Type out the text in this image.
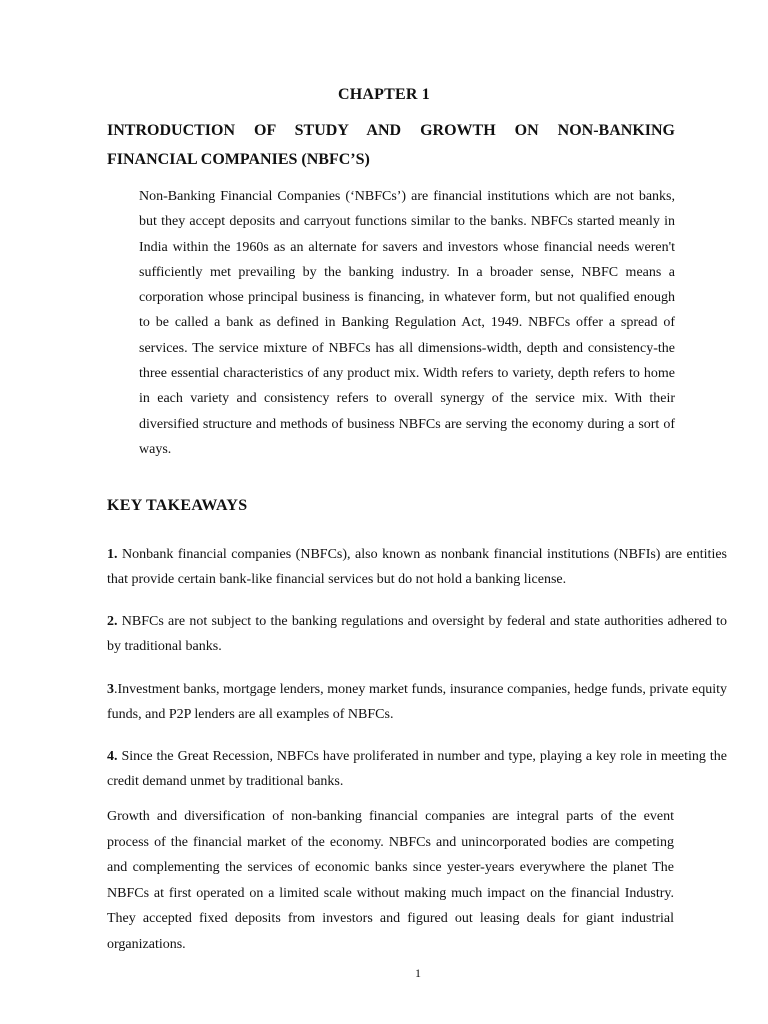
CHAPTER 1
INTRODUCTION OF STUDY AND GROWTH ON NON-BANKING FINANCIAL COMPANIES (NBFC’S)

Non-Banking Financial Companies (‘NBFCs’) are financial institutions which are not banks, but they accept deposits and carryout functions similar to the banks. NBFCs started meanly in India within the 1960s as an alternate for savers and investors whose financial needs weren't sufficiently met prevailing by the banking industry. In a broader sense, NBFC means a corporation whose principal business is financing, in whatever form, but not qualified enough to be called a bank as defined in Banking Regulation Act, 1949. NBFCs offer a spread of services. The service mixture of NBFCs has all dimensions-width, depth and consistency-the three essential characteristics of any product mix. Width refers to variety, depth refers to home in each variety and consistency refers to overall synergy of the service mix. With their diversified structure and methods of business NBFCs are serving the economy during a sort of ways.

KEY TAKEAWAYS

1. Nonbank financial companies (NBFCs), also known as nonbank financial institutions (NBFIs) are entities that provide certain bank-like financial services but do not hold a banking license.

2. NBFCs are not subject to the banking regulations and oversight by federal and state authorities adhered to by traditional banks.

3.Investment banks, mortgage lenders, money market funds, insurance companies, hedge funds, private equity funds, and P2P lenders are all examples of NBFCs.

4. Since the Great Recession, NBFCs have proliferated in number and type, playing a key role in meeting the credit demand unmet by traditional banks.

Growth and diversification of non-banking financial companies are integral parts of the event process of the financial market of the economy. NBFCs and unincorporated bodies are competing and complementing the services of economic banks since yester-years everywhere the planet The NBFCs at first operated on a limited scale without making much impact on the financial Industry. They accepted fixed deposits from investors and figured out leasing deals for giant industrial organizations.

1
